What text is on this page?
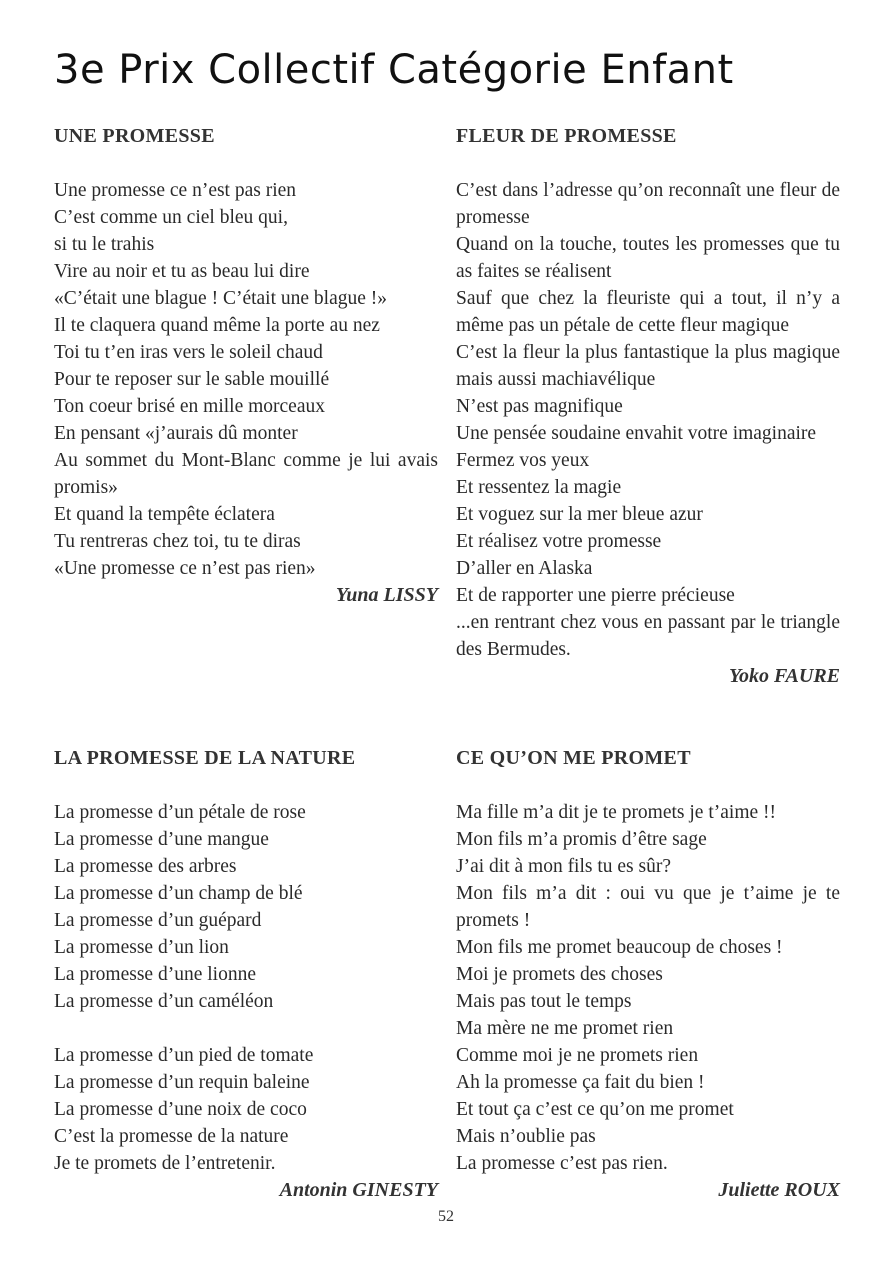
3e Prix Collectif Catégorie Enfant
UNE PROMESSE
Une promesse ce n’est pas rien
C’est comme un ciel bleu qui,
si tu le trahis
Vire au noir et tu as beau lui dire
«C’était une blague ! C’était une blague !»
Il te claquera quand même la porte au nez
Toi tu t’en iras vers le soleil chaud
Pour te reposer sur le sable mouillé
Ton coeur brisé en mille morceaux
En pensant «j’aurais dû monter
Au sommet du Mont-Blanc comme je lui avais promis»
Et quand la tempête éclatera
Tu rentreras chez toi, tu te diras
«Une promesse ce n’est pas rien»
Yuna LISSY
FLEUR DE PROMESSE
C’est dans l’adresse qu’on reconnaît une fleur de promesse
Quand on la touche, toutes les promesses que tu as faites se réalisent
Sauf que chez la fleuriste qui a tout, il n’y a même pas un pétale de cette fleur magique
C’est la fleur la plus fantastique la plus magique mais aussi machiavélique
N’est pas magnifique
Une pensée soudaine envahit votre imaginaire
Fermez vos yeux
Et ressentez la magie
Et voguez sur la mer bleue azur
Et réalisez votre promesse
D’aller en Alaska
Et de rapporter une pierre précieuse
...en rentrant chez vous en passant par le triangle des Bermudes.
Yoko FAURE
LA PROMESSE DE LA NATURE
La promesse d’un pétale de rose
La promesse d’une mangue
La promesse des arbres
La promesse d’un champ de blé
La promesse d’un guépard
La promesse d’un lion
La promesse d’une lionne
La promesse d’un caméléon
La promesse d’un pied de tomate
La promesse d’un requin baleine
La promesse d’une noix de coco
C’est la promesse de la nature
Je te promets de l’entretenir.
Antonin GINESTY
CE QU’ON ME PROMET
Ma fille m’a dit je te promets je t’aime !!
Mon fils m’a promis d’être sage
J’ai dit à mon fils tu es sûr?
Mon fils m’a dit : oui vu que je t’aime je te promets !
Mon fils me promet beaucoup de choses !
Moi je promets des choses
Mais pas tout le temps
Ma mère ne me promet rien
Comme moi je ne promets rien
Ah la promesse ça fait du bien !
Et tout ça c’est ce qu’on me promet
Mais n’oublie pas
La promesse c’est pas rien.
Juliette ROUX
52
